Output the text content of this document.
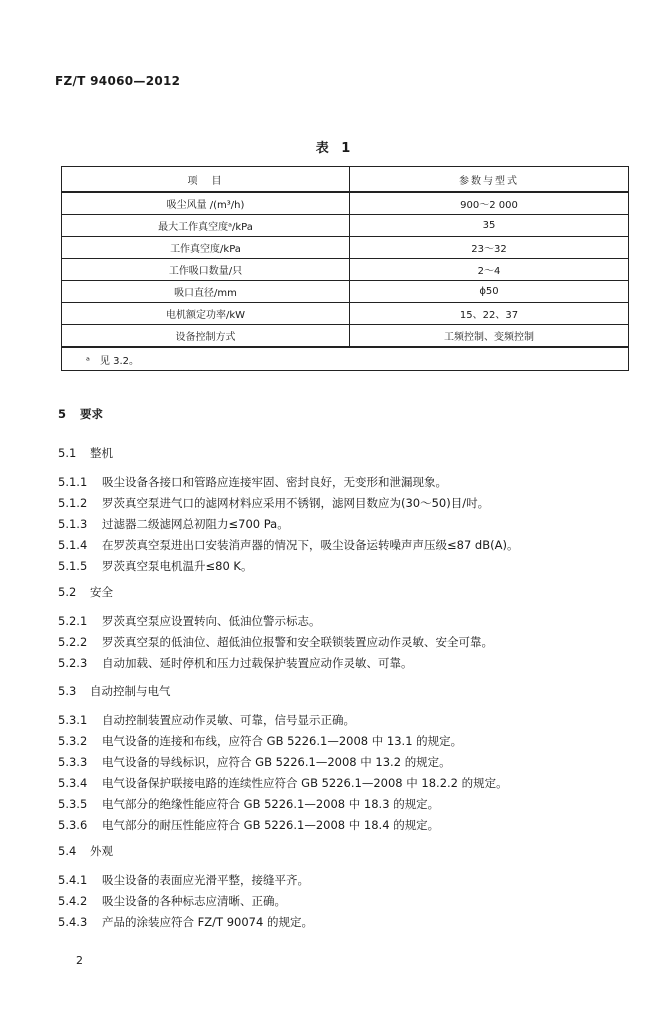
FZ/T 94060—2012
表 1
项　目	参数与型式
吸尘风量 /(m³/h)	900～2 000
最大工作真空度ᵃ/kPa	35
工作真空度/kPa	23～32
工作吸口数量/只	2～4
吸口直径/mm	ϕ50
电机额定功率/kW	15、22、37
设备控制方式	工频控制、变频控制
ᵃ　见 3.2。	
5 要求
5.1 整机
5.1.1 吸尘设备各接口和管路应连接牢固、密封良好，无变形和泄漏现象。
5.1.2 罗茨真空泵进气口的滤网材料应采用不锈钢，滤网目数应为(30～50)目/吋。
5.1.3 过滤器二级滤网总初阻力≤700 Pa。
5.1.4 在罗茨真空泵进出口安装消声器的情况下，吸尘设备运转噪声声压级≤87 dB(A)。
5.1.5 罗茨真空泵电机温升≤80 K。
5.2 安全
5.2.1 罗茨真空泵应设置转向、低油位警示标志。
5.2.2 罗茨真空泵的低油位、超低油位报警和安全联锁装置应动作灵敏、安全可靠。
5.2.3 自动加载、延时停机和压力过载保护装置应动作灵敏、可靠。
5.3 自动控制与电气
5.3.1 自动控制装置应动作灵敏、可靠，信号显示正确。
5.3.2 电气设备的连接和布线，应符合 GB 5226.1—2008 中 13.1 的规定。
5.3.3 电气设备的导线标识，应符合 GB 5226.1—2008 中 13.2 的规定。
5.3.4 电气设备保护联接电路的连续性应符合 GB 5226.1—2008 中 18.2.2 的规定。
5.3.5 电气部分的绝缘性能应符合 GB 5226.1—2008 中 18.3 的规定。
5.3.6 电气部分的耐压性能应符合 GB 5226.1—2008 中 18.4 的规定。
5.4 外观
5.4.1 吸尘设备的表面应光滑平整，接缝平齐。
5.4.2 吸尘设备的各种标志应清晰、正确。
5.4.3 产品的涂装应符合 FZ/T 90074 的规定。
2
